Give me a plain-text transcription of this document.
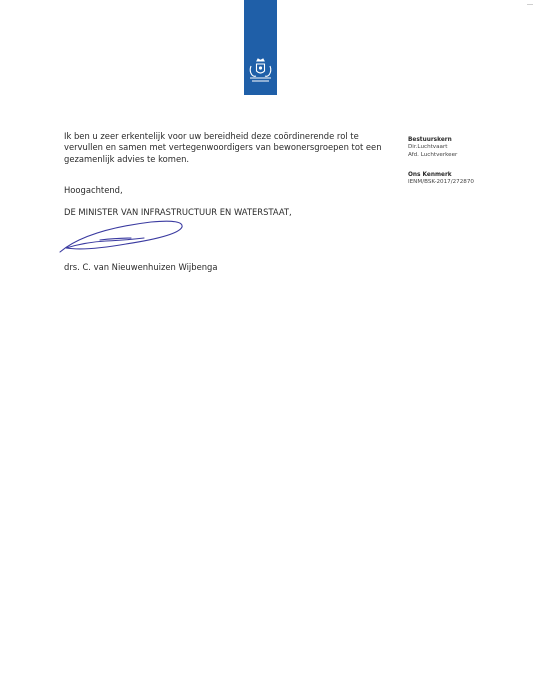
Ik ben u zeer erkentelijk voor uw bereidheid deze coördinerende rol te vervullen en samen met vertegenwoordigers van bewonersgroepen tot een gezamenlijk advies te komen.

Hoogachtend,

DE MINISTER VAN INFRASTRUCTUUR EN WATERSTAAT,

drs. C. van Nieuwenhuizen Wijbenga

Bestuurskern

Dir.Luchtvaart

Afd. Luchtverkeer

Ons Kenmerk

IENM/BSK-2017/272870
